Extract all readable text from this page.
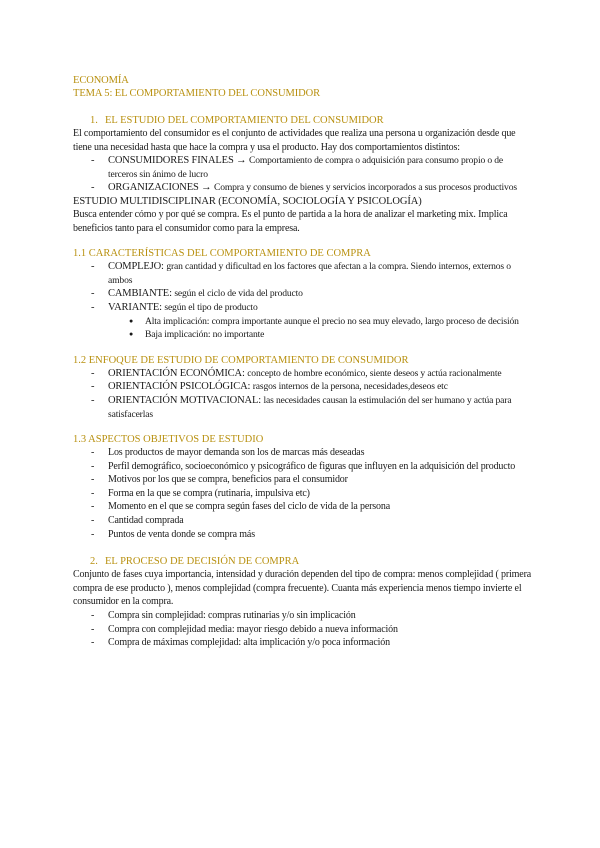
ECONOMÍA
TEMA 5: EL COMPORTAMIENTO DEL CONSUMIDOR
1. EL ESTUDIO DEL COMPORTAMIENTO DEL CONSUMIDOR
El comportamiento del consumidor es el conjunto de actividades que realiza una persona u organización desde que tiene una necesidad hasta que hace la compra y usa el producto. Hay dos comportamientos distintos:
- CONSUMIDORES FINALES → Comportamiento de compra o adquisición para consumo propio o de terceros sin ánimo de lucro
- ORGANIZACIONES → Compra y consumo de bienes y servicios incorporados a sus procesos productivos
ESTUDIO MULTIDISCIPLINAR (ECONOMÍA, SOCIOLOGÍA Y PSICOLOGÍA)
Busca entender cómo y por qué se compra. Es el punto de partida a la hora de analizar el marketing mix. Implica beneficios tanto para el consumidor como para la empresa.
1.1 CARACTERÍSTICAS DEL COMPORTAMIENTO DE COMPRA
- COMPLEJO: gran cantidad y dificultad en los factores que afectan a la compra. Siendo internos, externos o ambos
- CAMBIANTE: según el ciclo de vida del producto
- VARIANTE: según el tipo de producto
● Alta implicación: compra importante aunque el precio no sea muy elevado, largo proceso de decisión
● Baja implicación: no importante
1.2 ENFOQUE DE ESTUDIO DE COMPORTAMIENTO DE CONSUMIDOR
- ORIENTACIÓN ECONÓMICA: concepto de hombre económico, siente deseos y actúa racionalmente
- ORIENTACIÓN PSICOLÓGICA: rasgos internos de la persona, necesidades,deseos etc
- ORIENTACIÓN MOTIVACIONAL: las necesidades causan la estimulación del ser humano y actúa para satisfacerlas
1.3 ASPECTOS OBJETIVOS DE ESTUDIO
- Los productos de mayor demanda son los de marcas más deseadas
- Perfil demográfico, socioeconómico y psicográfico de figuras que influyen en la adquisición del producto
- Motivos por los que se compra, beneficios para el consumidor
- Forma en la que se compra (rutinaria, impulsiva etc)
- Momento en el que se compra según fases del ciclo de vida de la persona
- Cantidad comprada
- Puntos de venta donde se compra más
2. EL PROCESO DE DECISIÓN DE COMPRA
Conjunto de fases cuya importancia, intensidad y duración dependen del tipo de compra: menos complejidad ( primera compra de ese producto ), menos complejidad (compra frecuente). Cuanta más experiencia menos tiempo invierte el consumidor en la compra.
- Compra sin complejidad: compras rutinarias y/o sin implicación
- Compra con complejidad media: mayor riesgo debido a nueva información
- Compra de máximas complejidad: alta implicación y/o poca información
